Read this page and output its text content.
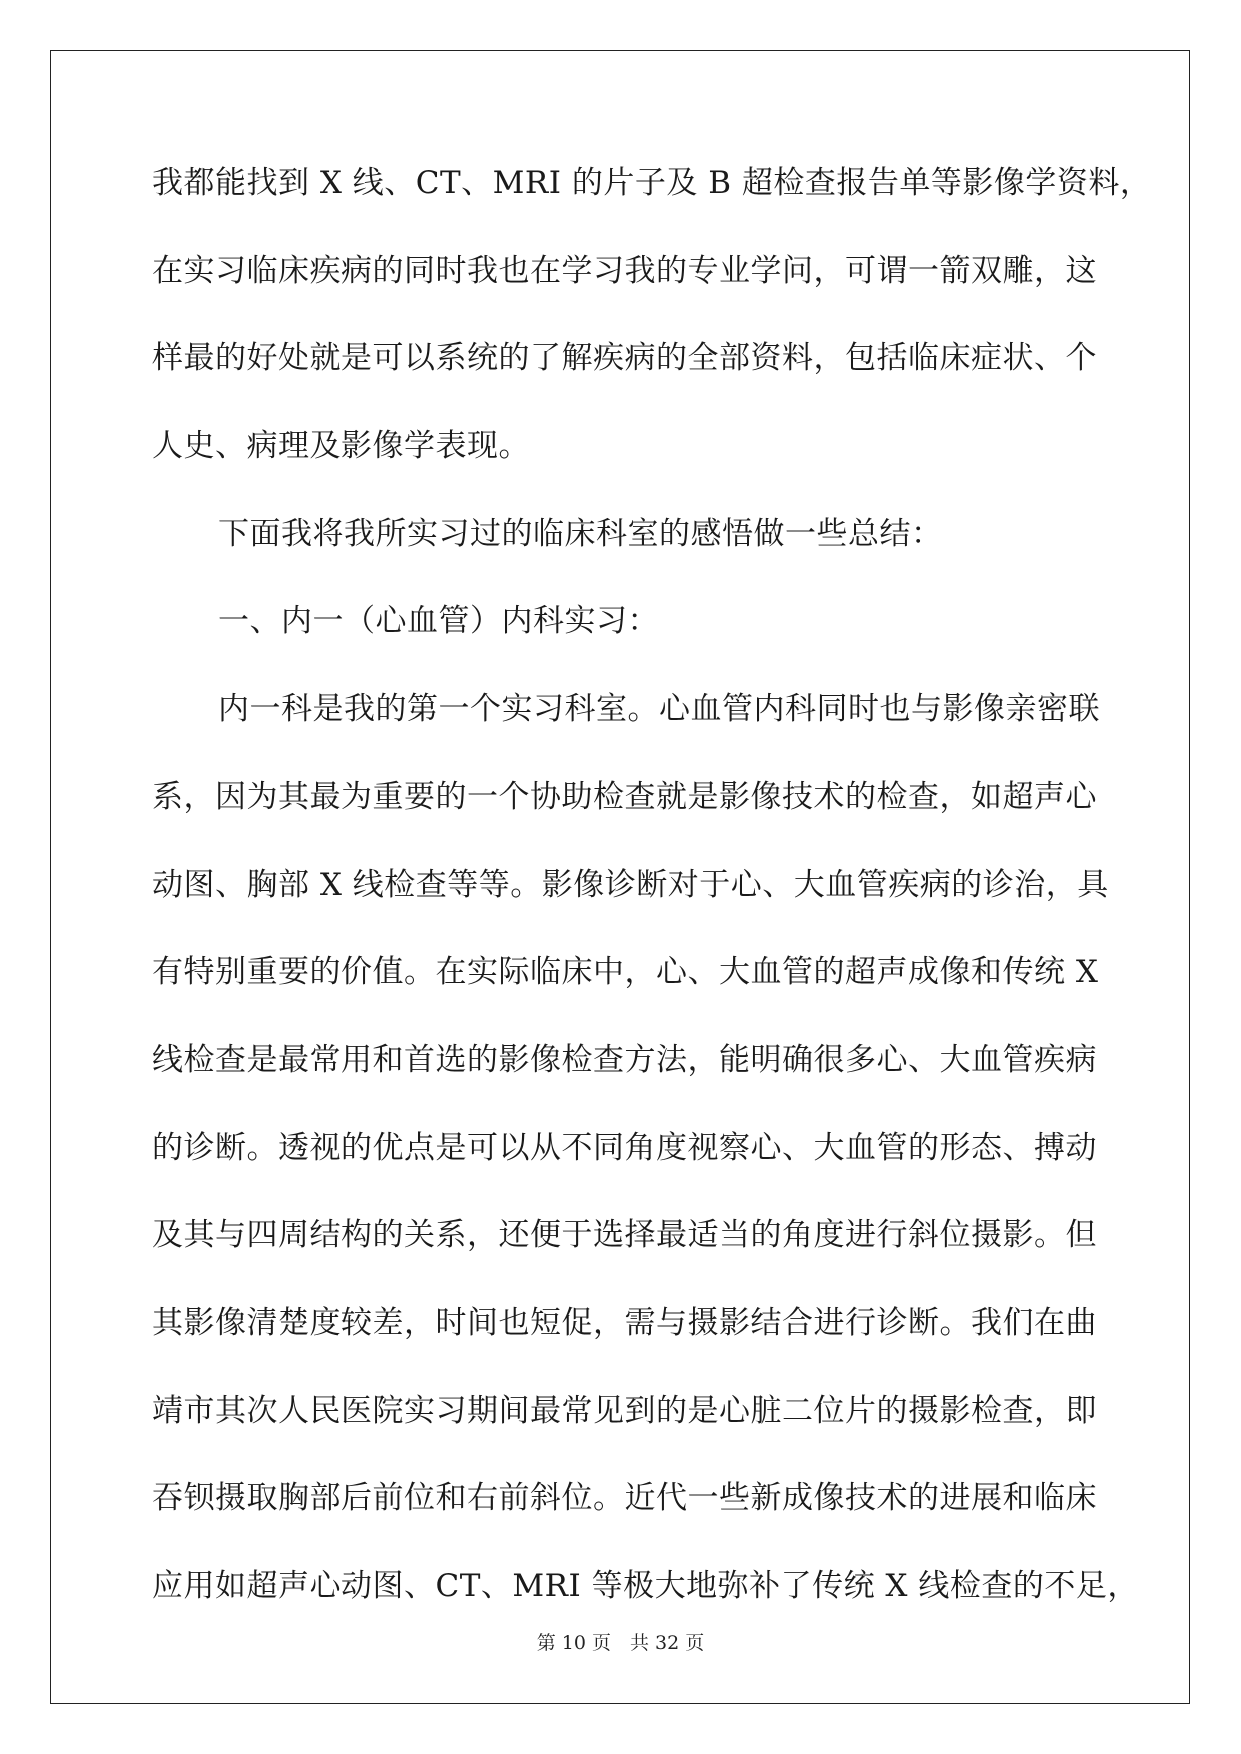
我都能找到 X 线、CT、MRI 的片子及 B 超检查报告单等影像学资料，
在实习临床疾病的同时我也在学习我的专业学问，可谓一箭双雕，这
样最的好处就是可以系统的了解疾病的全部资料，包括临床症状、个
人史、病理及影像学表现。
下面我将我所实习过的临床科室的感悟做一些总结：
一、内一（心血管）内科实习：
内一科是我的第一个实习科室。心血管内科同时也与影像亲密联
系，因为其最为重要的一个协助检查就是影像技术的检查，如超声心
动图、胸部 X 线检查等等。影像诊断对于心、大血管疾病的诊治，具
有特别重要的价值。在实际临床中，心、大血管的超声成像和传统 X
线检查是最常用和首选的影像检查方法，能明确很多心、大血管疾病
的诊断。透视的优点是可以从不同角度视察心、大血管的形态、搏动
及其与四周结构的关系，还便于选择最适当的角度进行斜位摄影。但
其影像清楚度较差，时间也短促，需与摄影结合进行诊断。我们在曲
靖市其次人民医院实习期间最常见到的是心脏二位片的摄影检查，即
吞钡摄取胸部后前位和右前斜位。近代一些新成像技术的进展和临床
应用如超声心动图、CT、MRI 等极大地弥补了传统 X 线检查的不足，
第 10 页　共 32 页
